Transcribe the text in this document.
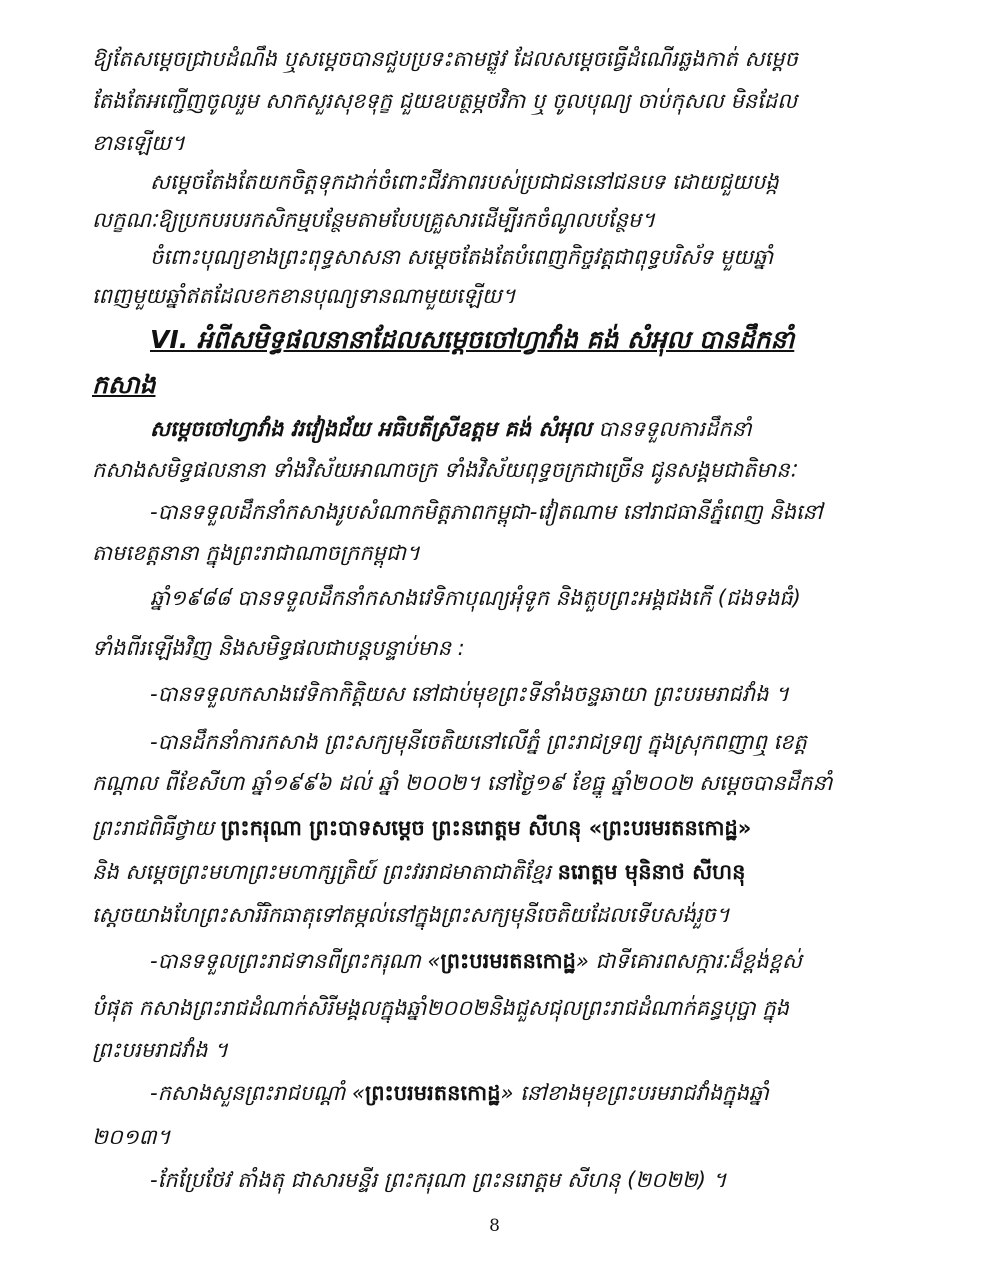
ឱ្យតែសម្តេចជ្រាបដំណឹង ឬសម្តេចបានជួបប្រទះតាមផ្លូវ ដែលសម្តេចធ្វើដំណើរឆ្លងកាត់ សម្តេច
តែងតែអញ្ជើញចូលរួម សាកសួរសុខទុក្ខ ជួយឧបត្ថម្ភថវិកា ឬ ចូលបុណ្យ ចាប់កុសល មិនដែល
ខានឡើយ។
សម្តេចតែងតែយកចិត្តទុកដាក់ចំពោះជីវភាពរបស់ប្រជាជននៅជនបទ ដោយជួយបង្ក
លក្ខណៈឱ្យប្រកបរបរកសិកម្មបន្ថែមតាមបែបគ្រួសារដើម្បីរកចំណូលបន្ថែម។
ចំពោះបុណ្យខាងព្រះពុទ្ធសាសនា សម្តេចតែងតែបំពេញកិច្ចវត្តជាពុទ្ធបរិស័ទ មួយឆ្នាំ
ពេញមួយឆ្នាំឥតដែលខកខានបុណ្យទានណាមួយឡើយ។
VI. អំពីសមិទ្ធផលនានាដែលសម្តេចចៅហ្វាវាំង គង់ សំអុល បានដឹកនាំ
កសាង
សម្តេចចៅហ្វាវាំង វរវៀងជ័យ អធិបតីស្រីឧត្តម គង់ សំអុល បានទទួលការដឹកនាំ
កសាងសមិទ្ធផលនានា ទាំងវិស័យអាណាចក្រ ទាំងវិស័យពុទ្ធចក្រជាច្រើន ជូនសង្គមជាតិមានៈ
-បានទទួលដឹកនាំកសាងរូបសំណាកមិត្តភាពកម្ពុជា-វៀតណាម នៅរាជធានីភ្នំពេញ និងនៅ
តាមខេត្តនានា ក្នុងព្រះរាជាណាចក្រកម្ពុជា។
ឆ្នាំ១៩៨៨ បានទទួលដឹកនាំកសាងវេទិកាបុណ្យអុំទូក និងតួបព្រះអង្គជងកើ (ជងទងធំ)
ទាំងពីរឡើងវិញ និងសមិទ្ធផលជាបន្តបន្ទាប់មាន :
-បានទទួលកសាងវេទិកាកិត្តិយស នៅជាប់មុខព្រះទីនាំងចន្ទឆាយា ព្រះបរមរាជវាំង ។
-បានដឹកនាំការកសាង ព្រះសក្យមុនីចេតិយនៅលើភ្នំ ព្រះរាជទ្រព្យ ក្នុងស្រុកពញាឮ ខេត្ត
កណ្តាល ពីខែសីហា ឆ្នាំ១៩៩៦ ដល់ ឆ្នាំ ២០០២។ នៅថ្ងៃ១៩ ខែធ្នូ ឆ្នាំ២០០២ សម្តេចបានដឹកនាំ
ព្រះរាជពិធីថ្វាយ ព្រះករុណា ព្រះបាទសម្តេច ព្រះនរោត្តម សីហនុ «ព្រះបរមរតនកោដ្ឋ»
និង សម្តេចព្រះមហាព្រះមហាក្សត្រិយ៍ ព្រះវររាជមាតាជាតិខ្មែរ នរោត្តម មុនិនាថ សីហនុ
ស្តេចយាងហែព្រះសារីរិកធាតុទៅតម្កល់នៅក្នុងព្រះសក្យមុនីចេតិយដែលទើបសង់រួច។
-បានទទួលព្រះរាជទានពីព្រះករុណា «ព្រះបរមរតនកោដ្ឋ» ជាទីគោរពសក្ការៈដ៏ខ្ពង់ខ្ពស់
បំផុត កសាងព្រះរាជដំណាក់សិរីមង្គលក្នុងឆ្នាំ២០០២និងជួសជុលព្រះរាជដំណាក់គន្ធបុប្ផា ក្នុង
ព្រះបរមរាជវាំង ។
-កសាងសួនព្រះរាជបណ្តាំ «ព្រះបរមរតនកោដ្ឋ» នៅខាងមុខព្រះបរមរាជវាំងក្នុងឆ្នាំ
២០១៣។
-កែប្រែថែវ តាំងតុ ជាសារមន្ទីរ ព្រះករុណា ព្រះនរោត្តម សីហនុ (២០២២) ។
8
